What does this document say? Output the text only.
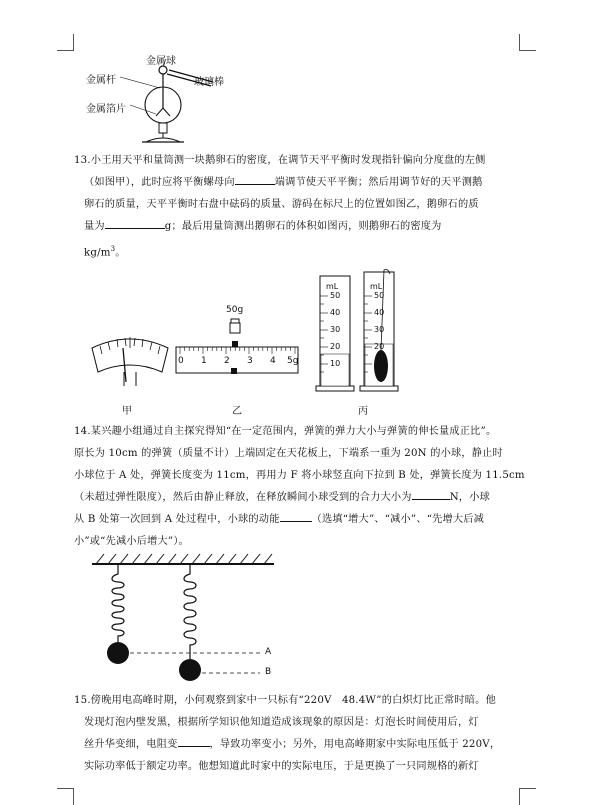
金属球
金属杆	玻璃棒
金属箔片
13.小王用天平和量筒测一块鹅卵石的密度，在调节天平平衡时发现指针偏向分度盘的左侧
（如图甲），此时应将平衡螺母向	端调节使天平平衡；然后用调节好的天平测鹅
卵石的质量，天平平衡时右盘中砝码的质量、游码在标尺上的位置如图乙，鹅卵石的质
量为	g；最后用量筒测出鹅卵石的体积如图丙，则鹅卵石的密度为
$kg/m^3$。
甲
50g
0 1 2 3 4 5g
乙
mL
50
40
30
20
10
mL
50
40
30
20
10
丙
14.某兴趣小组通过自主探究得知“在一定范围内，弹簧的弹力大小与弹簧的伸长量成正比”。
原长为 10cm 的弹簧（质量不计）上端固定在天花板上，下端系一重为 20N 的小球，静止时
小球位于 A 处，弹簧长度变为 11cm，再用力 F 将小球竖直向下拉到 B 处，弹簧长度为 11.5cm
（未超过弹性限度），然后由静止释放，在释放瞬间小球受到的合力大小为	N，小球
从 B 处第一次回到 A 处过程中，小球的动能	（选填“增大”、“减小”、“先增大后减
小”或“先减小后增大”）。
A
B
15.傍晚用电高峰时期，小何观察到家中一只标有“220V　48.4W”的白炽灯比正常时暗。他
发现灯泡内壁发黑，根据所学知识他知道造成该现象的原因是：灯泡长时间使用后，灯
丝升华变细，电阻变	，导致功率变小；另外，用电高峰期家中实际电压低于 220V，
实际功率低于额定功率。他想知道此时家中的实际电压，于是更换了一只同规格的新灯
